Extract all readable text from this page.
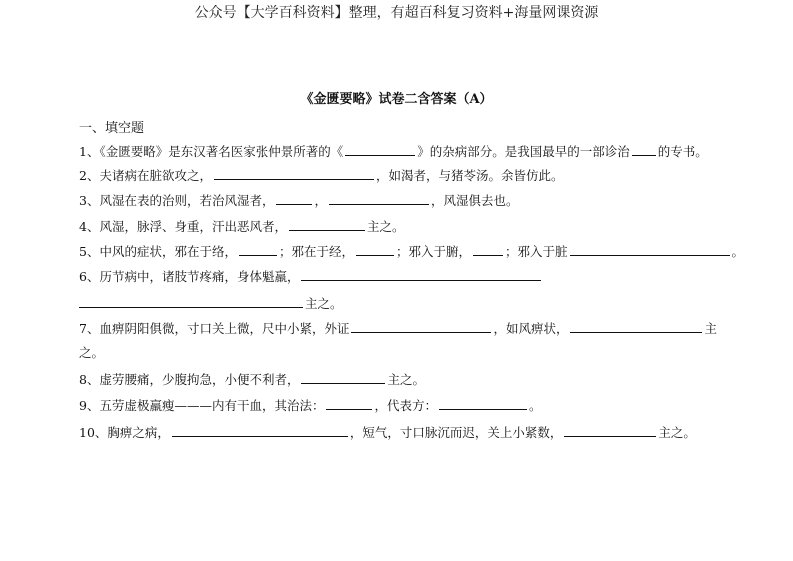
公众号【大学百科资料】整理，有超百科复习资料+海量网课资源
《金匮要略》试卷二含答案（A）
一、填空题
1、《金匮要略》是东汉著名医家张仲景所著的《	》的杂病部分。是我国最早的一部诊治 的专书。
2、夫诸病在脏欲攻之，	，如渴者，与猪苓汤。余皆仿此。
3、风湿在表的治则，若治风湿者，	，	，风湿俱去也。
4、风湿，脉浮、身重，汗出恶风者，	主之。
5、中风的症状，邪在于络，	；邪在于经，	；邪入于腑，	；邪入于脏	。
6、历节病中，诸肢节疼痛，身体魁羸，
主之。
7、血痹阴阳俱微，寸口关上微，尺中小紧，外证	，如风痹状，	主
之。
8、虚劳腰痛，少腹拘急，小便不利者，	主之。
9、五劳虚极羸瘦———内有干血，其治法：	，代表方：	。
10、胸痹之病，	，短气，寸口脉沉而迟，关上小紧数，	主之。
